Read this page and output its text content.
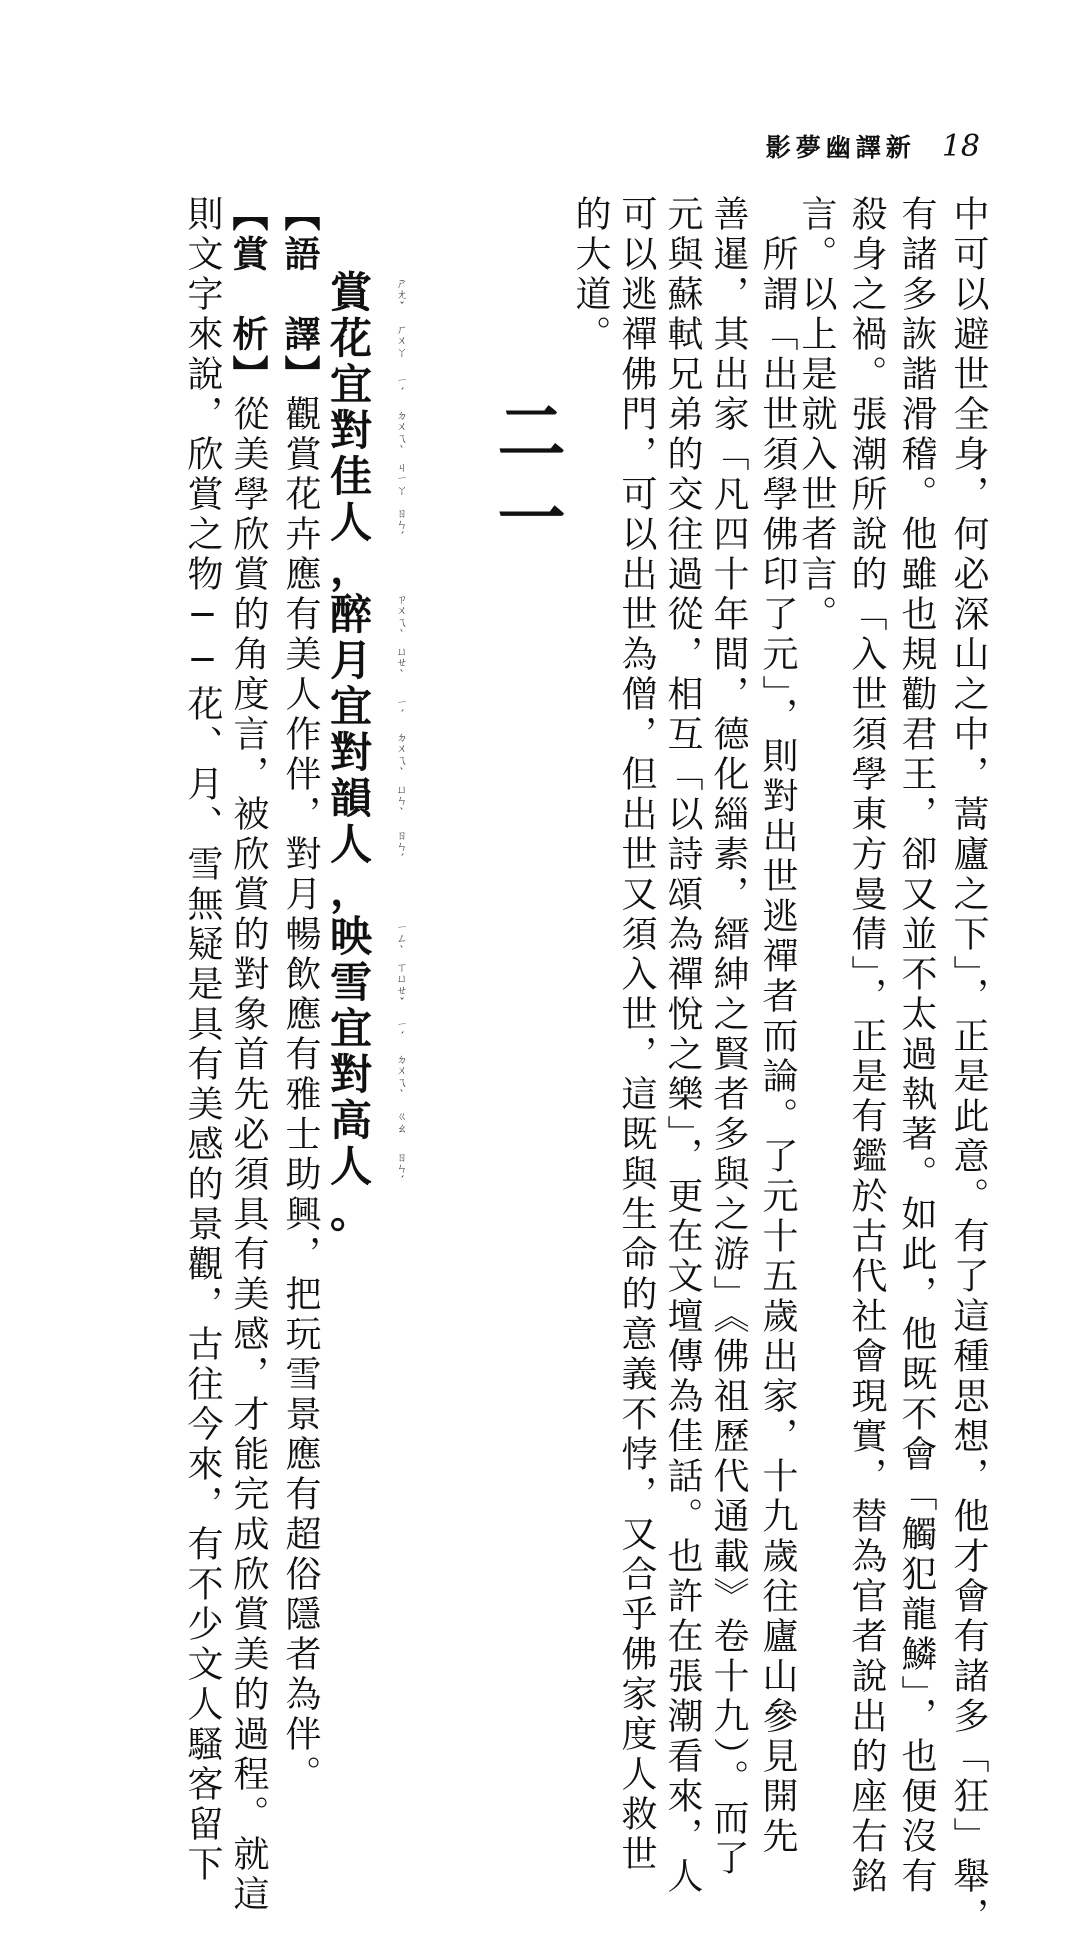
影夢幽譯新 18
中可以避世全身，何必深山之中，蒿廬之下」，正是此意。有了這種思想，他才會有諸多「狂」舉，
有諸多詼諧滑稽。他雖也規勸君王，卻又並不太過執著。如此，他既不會「觸犯龍鱗」，也便沒有
殺身之禍。張潮所說的「入世須學東方曼倩」，正是有鑑於古代社會現實，替為官者說出的座右銘
言。以上是就入世者言。
　所謂「出世須學佛印了元」，則對出世逃禪者而論。了元十五歲出家，十九歲往廬山參見開先
善暹，其出家「凡四十年間，德化緇素，縉紳之賢者多與之游」《佛祖歷代通載》卷十九）。而了
元與蘇軾兄弟的交往過從，相互「以詩頌為禪悅之樂」，更在文壇傳為佳話。也許在張潮看來，人
可以逃禪佛門，可以出世為僧，但出世又須入世，這既與生命的意義不悖，又合乎佛家度人救世
的大道。
二一
賞
花
宜
對
佳
人
，
醉
月
宜
對
韻
人
，
映
雪
宜
對
高
人
。
ㄕ
ㄤ
ˇ
ㄏ
ㄨ
ㄚ
ㄧ
ˊ
ㄉ
ㄨ
ㄟ
ˋ
ㄐ
ㄧ
ㄚ
ㄖ
ㄣ
ˊ
ㄗ
ㄨ
ㄟ
ˋ
ㄩ
ㄝ
ˋ
ㄧ
ˊ
ㄉ
ㄨ
ㄟ
ˋ
ㄩ
ㄣ
ˋ
ㄖ
ㄣ
ˊ
ㄧ
ㄥ
ˋ
ㄒ
ㄩ
ㄝ
ˇ
ㄧ
ˊ
ㄉ
ㄨ
ㄟ
ˋ
ㄍ
ㄠ
ㄖ
ㄣ
ˊ
【語　譯】觀賞花卉應有美人作伴，對月暢飲應有雅士助興，把玩雪景應有超俗隱者為伴。
【賞　析】從美學欣賞的角度言，被欣賞的對象首先必須具有美感，才能完成欣賞美的過程。就這
則文字來說，欣賞之物──花、月、雪無疑是具有美感的景觀，古往今來，有不少文人騷客留下
